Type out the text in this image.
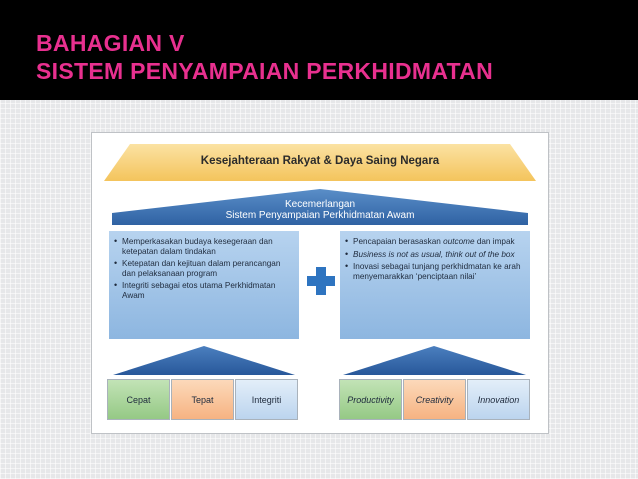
BAHAGIAN V
SISTEM PENYAMPAIAN PERKHIDMATAN
Kesejahteraan Rakyat & Daya Saing Negara
Kecemerlangan
Sistem Penyampaian Perkhidmatan Awam
• Memperkasakan budaya kesegeraan dan ketepatan dalam tindakan
• Ketepatan dan kejituan dalam perancangan dan pelaksanaan program
• Integriti sebagai etos utama Perkhidmatan Awam
• Pencapaian berasaskan outcome dan impak
• Business is not as usual, think out of the box
• Inovasi sebagai tunjang perkhidmatan ke arah menyemarakkan ‘penciptaan nilai’
Cepat	Tepat	Integriti	Productivity	Creativity	Innovation
